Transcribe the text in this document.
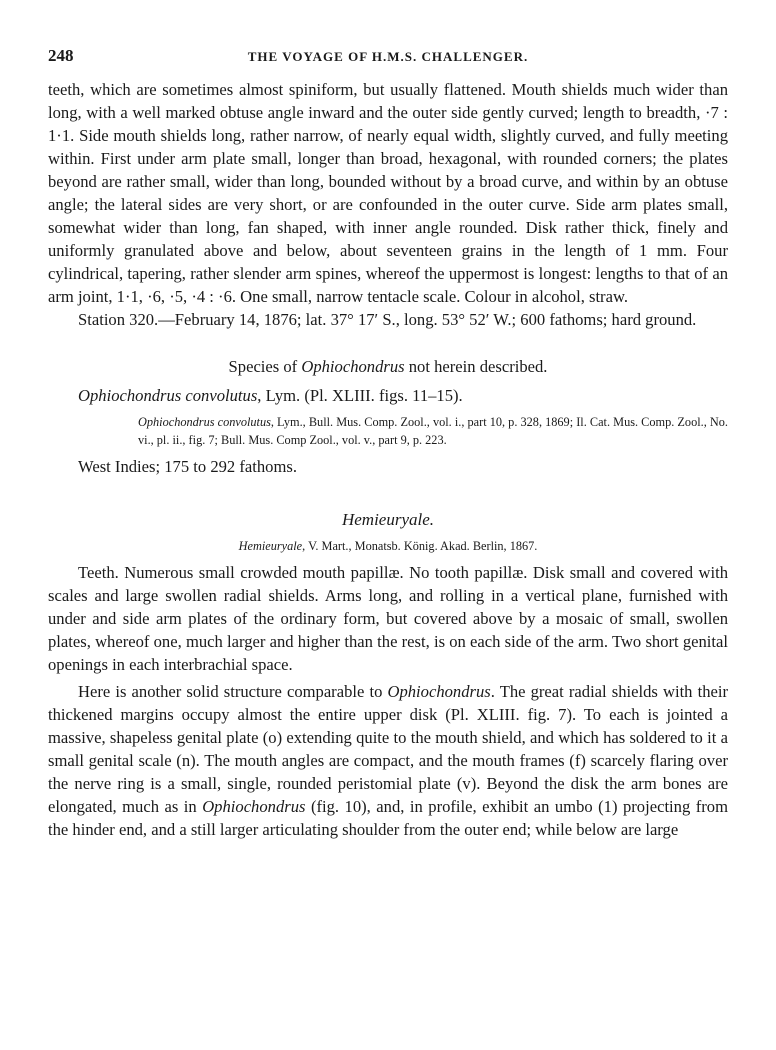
248	THE VOYAGE OF H.M.S. CHALLENGER.

teeth, which are sometimes almost spiniform, but usually flattened. Mouth shields much wider than long, with a well marked obtuse angle inward and the outer side gently curved; length to breadth, ·7 : 1·1. Side mouth shields long, rather narrow, of nearly equal width, slightly curved, and fully meeting within. First under arm plate small, longer than broad, hexagonal, with rounded corners; the plates beyond are rather small, wider than long, bounded without by a broad curve, and within by an obtuse angle; the lateral sides are very short, or are confounded in the outer curve. Side arm plates small, somewhat wider than long, fan shaped, with inner angle rounded. Disk rather thick, finely and uniformly granulated above and below, about seventeen grains in the length of 1 mm. Four cylindrical, tapering, rather slender arm spines, whereof the uppermost is longest: lengths to that of an arm joint, 1·1, ·6, ·5, ·4 : ·6. One small, narrow tentacle scale. Colour in alcohol, straw.

Station 320.—February 14, 1876; lat. 37° 17′ S., long. 53° 52′ W.; 600 fathoms; hard ground.

Species of Ophiochondrus not herein described.
Ophiochondrus convolutus, Lym. (Pl. XLIII. figs. 11–15).
Ophiochondrus convolutus, Lym., Bull. Mus. Comp. Zool., vol. i., part 10, p. 328, 1869; Il. Cat. Mus. Comp. Zool., No. vi., pl. ii., fig. 7; Bull. Mus. Comp Zool., vol. v., part 9, p. 223.
West Indies; 175 to 292 fathoms.
Hemieuryale.
Hemieuryale, V. Mart., Monatsb. König. Akad. Berlin, 1867.

Teeth. Numerous small crowded mouth papillæ. No tooth papillæ. Disk small and covered with scales and large swollen radial shields. Arms long, and rolling in a vertical plane, furnished with under and side arm plates of the ordinary form, but covered above by a mosaic of small, swollen plates, whereof one, much larger and higher than the rest, is on each side of the arm. Two short genital openings in each interbrachial space.

Here is another solid structure comparable to Ophiochondrus. The great radial shields with their thickened margins occupy almost the entire upper disk (Pl. XLIII. fig. 7). To each is jointed a massive, shapeless genital plate (o) extending quite to the mouth shield, and which has soldered to it a small genital scale (n). The mouth angles are compact, and the mouth frames (f) scarcely flaring over the nerve ring is a small, single, rounded peristomial plate (v). Beyond the disk the arm bones are elongated, much as in Ophiochondrus (fig. 10), and, in profile, exhibit an umbo (1) projecting from the hinder end, and a still larger articulating shoulder from the outer end; while below are large
